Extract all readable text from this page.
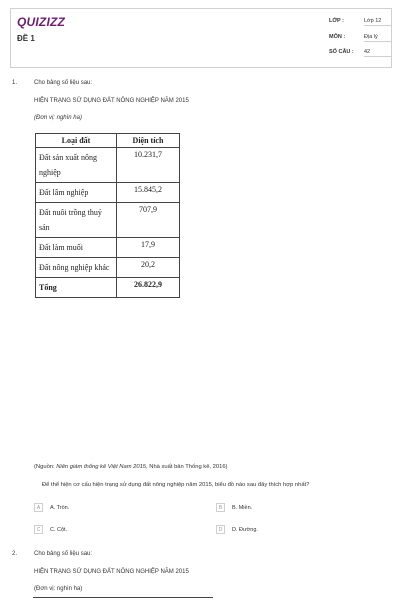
QUIZIZZ
ĐỀ 1
LỚP :	Lớp 12
MÔN :	Địa lý
SỐ CÂU : 42
1.	Cho bảng số liệu sau:
HIỆN TRẠNG SỬ DỤNG ĐẤT NÔNG NGHIỆP NĂM 2015
(Đơn vị: nghìn ha)
Loại đất	Diện tích
Đất sản xuất nông nghiệp	10.231,7
Đất lâm nghiệp	15.845,2
Đất nuôi trồng thuỷ sản	707,9
Đất làm muối	17,9
Đất nông nghiệp khác	20,2
Tổng	26.822,9
(Nguồn: Niên giám thống kê Việt Nam 2015, Nhà xuất bản Thống kê, 2016)
Để thể hiện cơ cấu hiện trạng sử dụng đất nông nghiệp năm 2015, biểu đồ nào sau đây thích hợp nhất?
A	A. Tròn.	B	B. Miền.
C	C. Cột.	D	D. Đường.
2.	Cho bảng số liệu sau:
HIỆN TRẠNG SỬ DỤNG ĐẤT NÔNG NGHIỆP NĂM 2015
(Đơn vị: nghìn ha)
